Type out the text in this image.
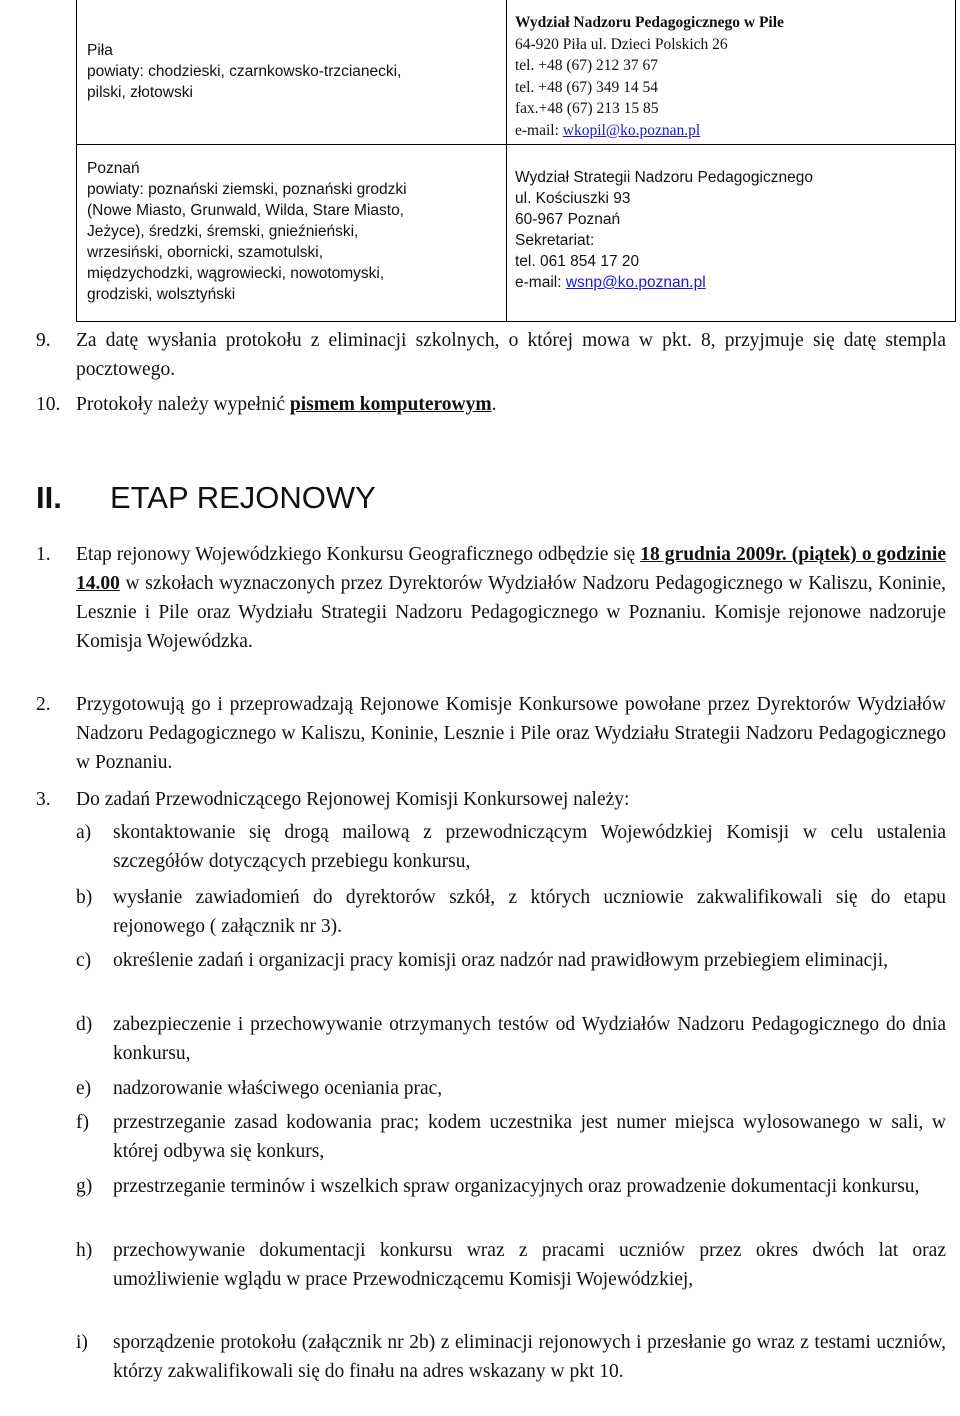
Piła
powiaty: chodzieski, czarnkowsko-trzcianecki,
pilski, złotowski
Wydział Nadzoru Pedagogicznego w Pile
64-920 Piła ul. Dzieci Polskich 26
tel. +48 (67) 212 37 67
tel. +48 (67) 349 14 54
fax.+48 (67) 213 15 85
e-mail: wkopil@ko.poznan.pl
Poznań
powiaty: poznański ziemski, poznański grodzki
(Nowe Miasto, Grunwald, Wilda, Stare Miasto,
Jeżyce), średzki, śremski, gnieźnieński,
wrzesiński, obornicki, szamotulski,
międzychodzki, wągrowiecki, nowotomyski,
grodziski, wolsztyński
Wydział Strategii Nadzoru Pedagogicznego
ul. Kościuszki 93
60-967 Poznań
Sekretariat:
tel. 061 854 17 20
e-mail: wsnp@ko.poznan.pl
9. Za datę wysłania protokołu z eliminacji szkolnych, o której mowa w pkt. 8, przyjmuje się datę stempla pocztowego.
10. Protokoły należy wypełnić pismem komputerowym.
II. ETAP REJONOWY
1. Etap rejonowy Wojewódzkiego Konkursu Geograficznego odbędzie się 18 grudnia 2009r. (piątek) o godzinie 14.00 w szkołach wyznaczonych przez Dyrektorów Wydziałów Nadzoru Pedagogicznego w Kaliszu, Koninie, Lesznie i Pile oraz Wydziału Strategii Nadzoru Pedagogicznego w Poznaniu. Komisje rejonowe nadzoruje Komisja Wojewódzka.
2. Przygotowują go i przeprowadzają Rejonowe Komisje Konkursowe powołane przez Dyrektorów Wydziałów Nadzoru Pedagogicznego w Kaliszu, Koninie, Lesznie i Pile oraz Wydziału Strategii Nadzoru Pedagogicznego w Poznaniu.
3. Do zadań Przewodniczącego Rejonowej Komisji Konkursowej należy:
a) skontaktowanie się drogą mailową z przewodniczącym Wojewódzkiej Komisji w celu ustalenia szczegółów dotyczących przebiegu konkursu,
b) wysłanie zawiadomień do dyrektorów szkół, z których uczniowie zakwalifikowali się do etapu rejonowego ( załącznik nr 3).
c) określenie zadań i organizacji pracy komisji oraz nadzór nad prawidłowym przebiegiem eliminacji,
d) zabezpieczenie i przechowywanie otrzymanych testów od Wydziałów Nadzoru Pedagogicznego do dnia konkursu,
e) nadzorowanie właściwego oceniania prac,
f) przestrzeganie zasad kodowania prac; kodem uczestnika jest numer miejsca wylosowanego w sali, w której odbywa się konkurs,
g) przestrzeganie terminów i wszelkich spraw organizacyjnych oraz prowadzenie dokumentacji konkursu,
h) przechowywanie dokumentacji konkursu wraz z pracami uczniów przez okres dwóch lat oraz umożliwienie wglądu w prace Przewodniczącemu Komisji Wojewódzkiej,
i) sporządzenie protokołu (załącznik nr 2b) z eliminacji rejonowych i przesłanie go wraz z testami uczniów, którzy zakwalifikowali się do finału na adres wskazany w pkt 10.
